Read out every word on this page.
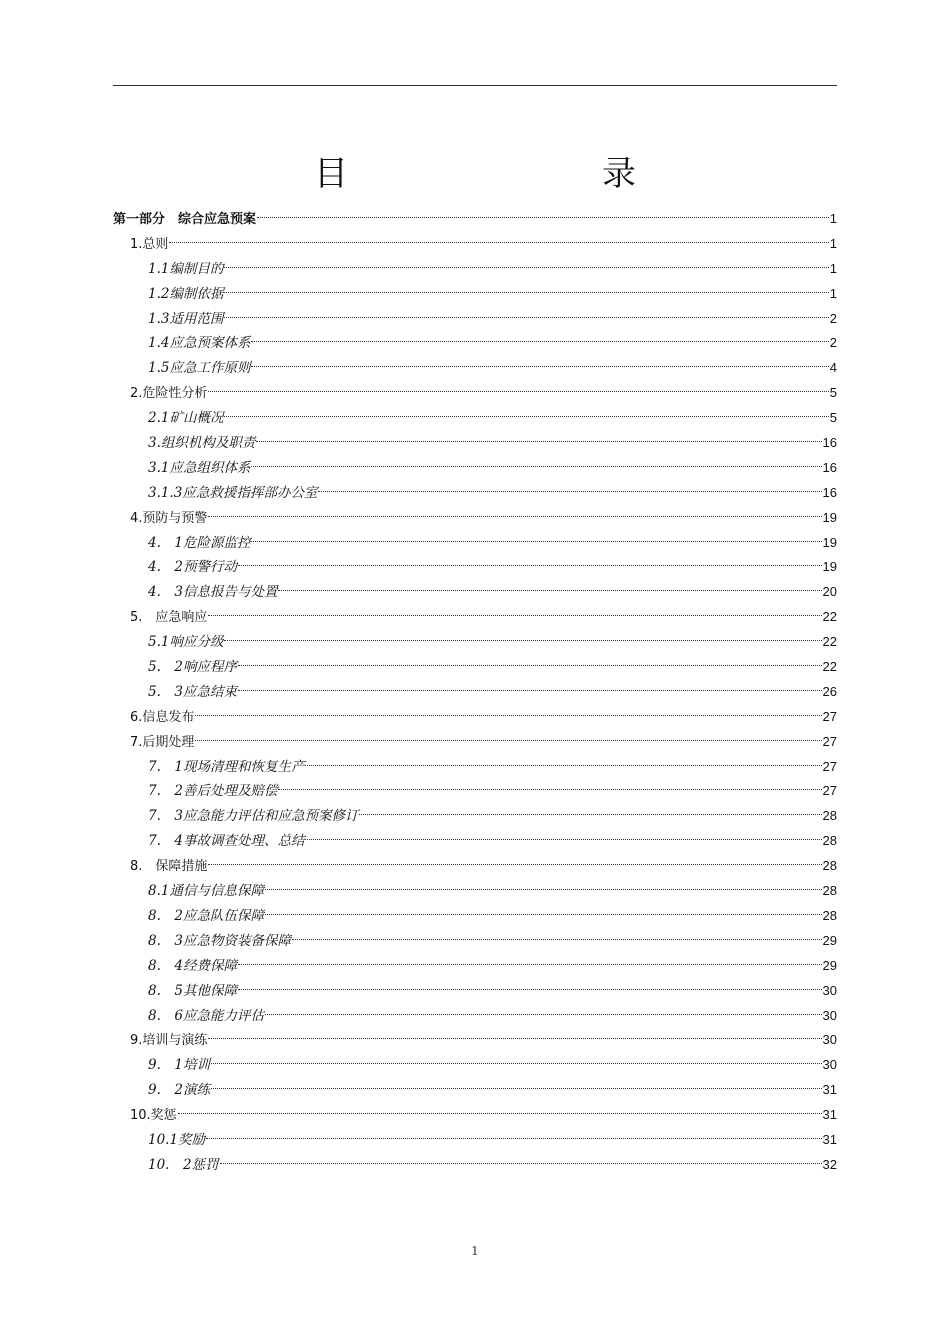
目　　录
第一部分　综合应急预案	1
1.总则	1
1.1编制目的	1
1.2编制依据	1
1.3适用范围	2
1.4应急预案体系	2
1.5应急工作原则	4
2.危险性分析	5
2.1矿山概况	5
3.组织机构及职责	16
3.1应急组织体系	16
3.1.3应急救援指挥部办公室	16
4.预防与预警	19
4.　1危险源监控	19
4.　2预警行动	19
4.　3信息报告与处置	20
5.　应急响应	22
5.1响应分级	22
5.　2响应程序	22
5.　3应急结束	26
6.信息发布	27
7.后期处理	27
7.　1现场清理和恢复生产	27
7.　2善后处理及赔偿	27
7.　3应急能力评估和应急预案修订	28
7.　4事故调查处理、总结	28
8.　保障措施	28
8.1通信与信息保障	28
8.　2应急队伍保障	28
8.　3应急物资装备保障	29
8.　4经费保障	29
8.　5其他保障	30
8.　6应急能力评估	30
9.培训与演练	30
9.　1培训	30
9.　2演练	31
10.奖惩	31
10.1奖励	31
10.　2惩罚	32
1
